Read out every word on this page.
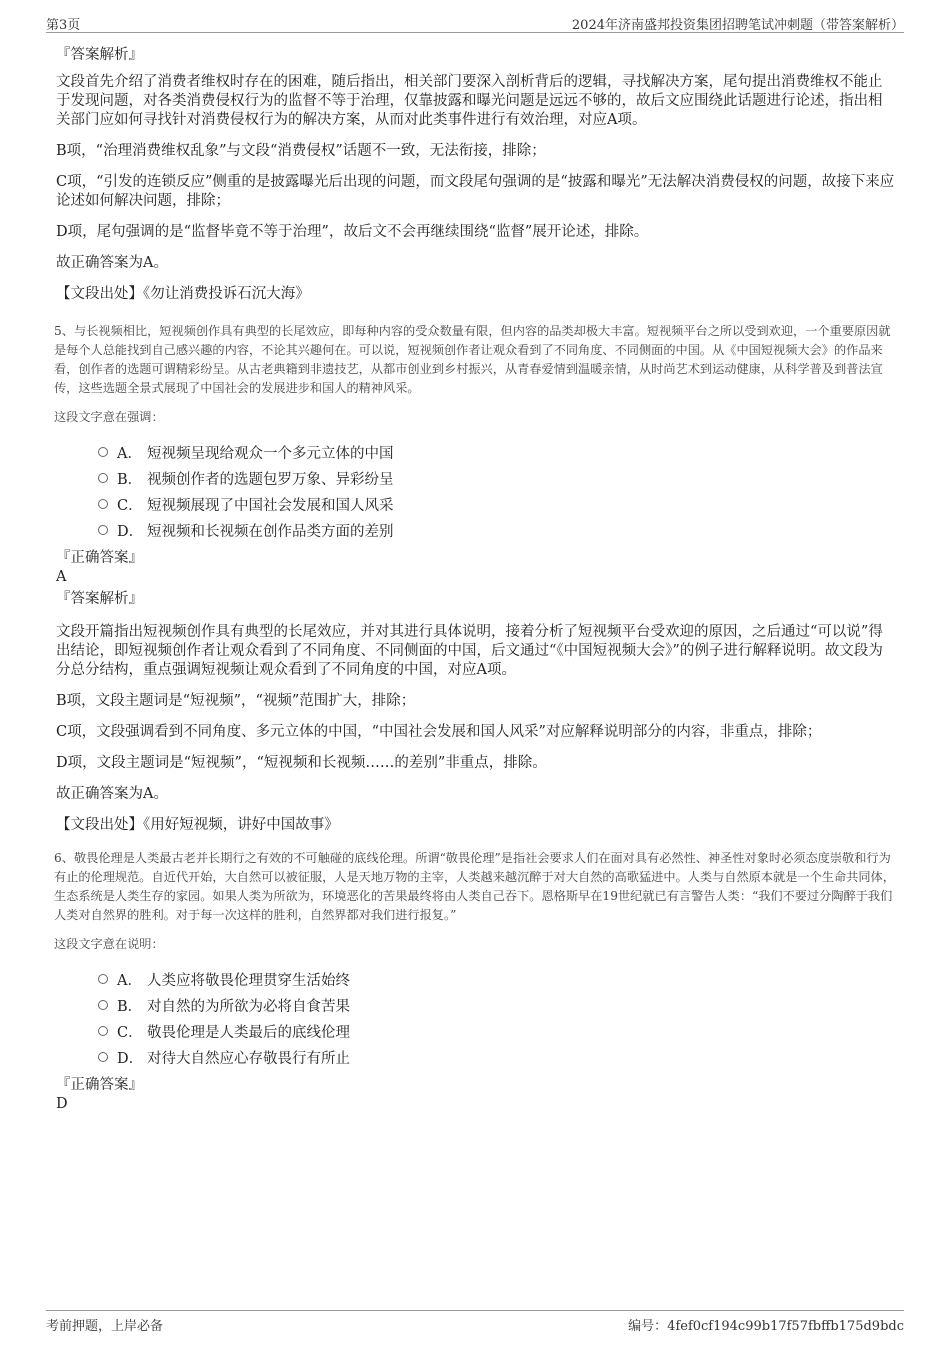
第3页	2024年济南盛邦投资集团招聘笔试冲刺题（带答案解析）
『答案解析』

文段首先介绍了消费者维权时存在的困难，随后指出，相关部门要深入剖析背后的逻辑，寻找解决方案，尾句提出消费维权不能止于发现问题，对各类消费侵权行为的监督不等于治理，仅靠披露和曝光问题是远远不够的，故后文应围绕此话题进行论述，指出相关部门应如何寻找针对消费侵权行为的解决方案，从而对此类事件进行有效治理，对应A项。

B项，“治理消费维权乱象”与文段“消费侵权”话题不一致，无法衔接，排除；

C项，“引发的连锁反应”侧重的是披露曝光后出现的问题，而文段尾句强调的是“披露和曝光”无法解决消费侵权的问题，故接下来应论述如何解决问题，排除；

D项，尾句强调的是“监督毕竟不等于治理”，故后文不会再继续围绕“监督”展开论述，排除。

故正确答案为A。

【文段出处】《勿让消费投诉石沉大海》

5、与长视频相比，短视频创作具有典型的长尾效应，即每种内容的受众数量有限，但内容的品类却极大丰富。短视频平台之所以受到欢迎，一个重要原因就是每个人总能找到自己感兴趣的内容，不论其兴趣何在。可以说，短视频创作者让观众看到了不同角度、不同侧面的中国。从《中国短视频大会》的作品来看，创作者的选题可谓精彩纷呈。从古老典籍到非遗技艺，从都市创业到乡村振兴，从青春爱情到温暖亲情，从时尚艺术到运动健康，从科学普及到普法宣传，这些选题全景式展现了中国社会的发展进步和国人的精神风采。

这段文字意在强调：
A． 短视频呈现给观众一个多元立体的中国
B． 视频创作者的选题包罗万象、异彩纷呈
C． 短视频展现了中国社会发展和国人风采
D． 短视频和长视频在创作品类方面的差别
『正确答案』
A
『答案解析』

文段开篇指出短视频创作具有典型的长尾效应，并对其进行具体说明，接着分析了短视频平台受欢迎的原因，之后通过“可以说”得出结论，即短视频创作者让观众看到了不同角度、不同侧面的中国，后文通过“《中国短视频大会》”的例子进行解释说明。故文段为分总分结构，重点强调短视频让观众看到了不同角度的中国，对应A项。

B项，文段主题词是“短视频”，“视频”范围扩大，排除；

C项，文段强调看到不同角度、多元立体的中国，“中国社会发展和国人风采”对应解释说明部分的内容，非重点，排除；

D项，文段主题词是“短视频”，“短视频和长视频……的差别”非重点，排除。

故正确答案为A。

【文段出处】《用好短视频，讲好中国故事》

6、敬畏伦理是人类最古老并长期行之有效的不可触碰的底线伦理。所谓“敬畏伦理”是指社会要求人们在面对具有必然性、神圣性对象时必须态度崇敬和行为有止的伦理规范。自近代开始，大自然可以被征服，人是天地万物的主宰，人类越来越沉醉于对大自然的高歌猛进中。人类与自然原本就是一个生命共同体，生态系统是人类生存的家园。如果人类为所欲为，环境恶化的苦果最终将由人类自己吞下。恩格斯早在19世纪就已有言警告人类：“我们不要过分陶醉于我们人类对自然界的胜利。对于每一次这样的胜利，自然界都对我们进行报复。”

这段文字意在说明：
A． 人类应将敬畏伦理贯穿生活始终
B． 对自然的为所欲为必将自食苦果
C． 敬畏伦理是人类最后的底线伦理
D． 对待大自然应心存敬畏行有所止
『正确答案』
D
考前押题，上岸必备	编号：4fef0cf194c99b17f57fbffb175d9bdc
